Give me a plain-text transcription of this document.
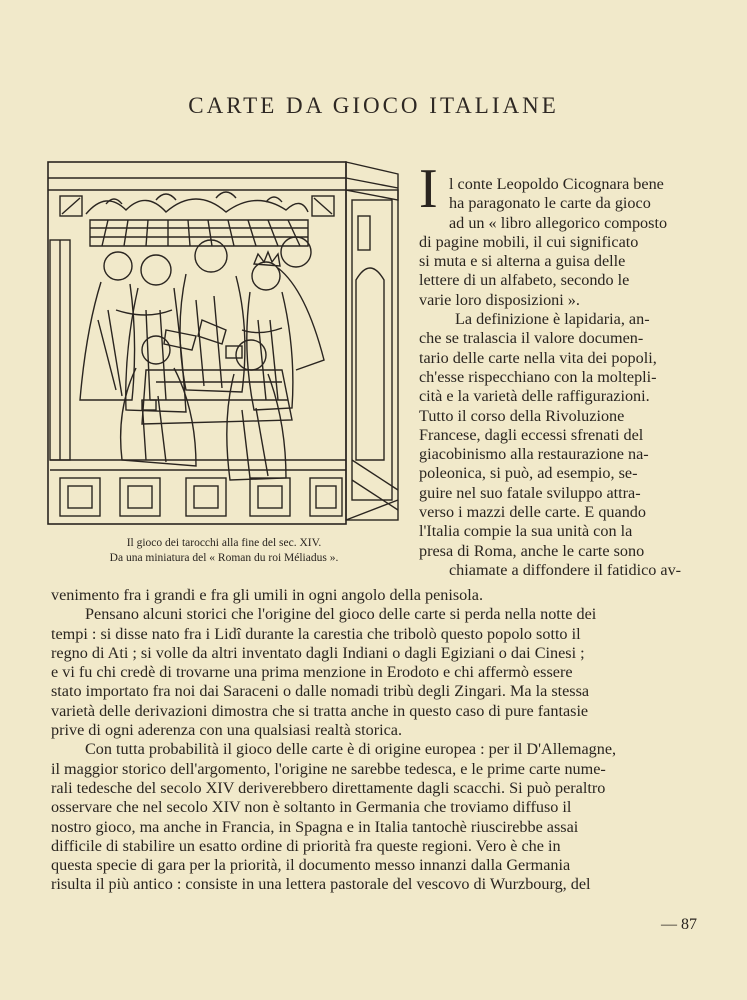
CARTE DA GIOCO ITALIANE
Il gioco dei tarocchi alla fine del sec. XIV.
Da una miniatura del « Roman du roi Méliadus ».
I l conte Leopoldo Cicognara bene
ha paragonato le carte da gioco
ad un « libro allegorico composto
di pagine mobili, il cui significato
si muta e si alterna a guisa delle
lettere di un alfabeto, secondo le
varie loro disposizioni ».
La definizione è lapidaria, an-
che se tralascia il valore documen-
tario delle carte nella vita dei popoli,
ch'esse rispecchiano con la moltepli-
cità e la varietà delle raffigurazioni.
Tutto il corso della Rivoluzione
Francese, dagli eccessi sfrenati del
giacobinismo alla restaurazione na-
poleonica, si può, ad esempio, se-
guire nel suo fatale sviluppo attra-
verso i mazzi delle carte. E quando
l'Italia compie la sua unità con la
presa di Roma, anche le carte sono
chiamate a diffondere il fatidico av-
venimento fra i grandi e fra gli umili in ogni angolo della penisola.
Pensano alcuni storici che l'origine del gioco delle carte si perda nella notte dei
tempi : si disse nato fra i Lidî durante la carestia che tribolò questo popolo sotto il
regno di Ati ; si volle da altri inventato dagli Indiani o dagli Egiziani o dai Cinesi ;
e vi fu chi credè di trovarne una prima menzione in Erodoto e chi affermò essere
stato importato fra noi dai Saraceni o dalle nomadi tribù degli Zingari. Ma la stessa
varietà delle derivazioni dimostra che si tratta anche in questo caso di pure fantasie
prive di ogni aderenza con una qualsiasi realtà storica.
Con tutta probabilità il gioco delle carte è di origine europea : per il D'Allemagne,
il maggior storico dell'argomento, l'origine ne sarebbe tedesca, e le prime carte nume-
rali tedesche del secolo XIV deriverebbero direttamente dagli scacchi. Si può peraltro
osservare che nel secolo XIV non è soltanto in Germania che troviamo diffuso il
nostro gioco, ma anche in Francia, in Spagna e in Italia tantochè riuscirebbe assai
difficile di stabilire un esatto ordine di priorità fra queste regioni. Vero è che in
questa specie di gara per la priorità, il documento messo innanzi dalla Germania
risulta il più antico : consiste in una lettera pastorale del vescovo di Wurzbourg, del
— 87
